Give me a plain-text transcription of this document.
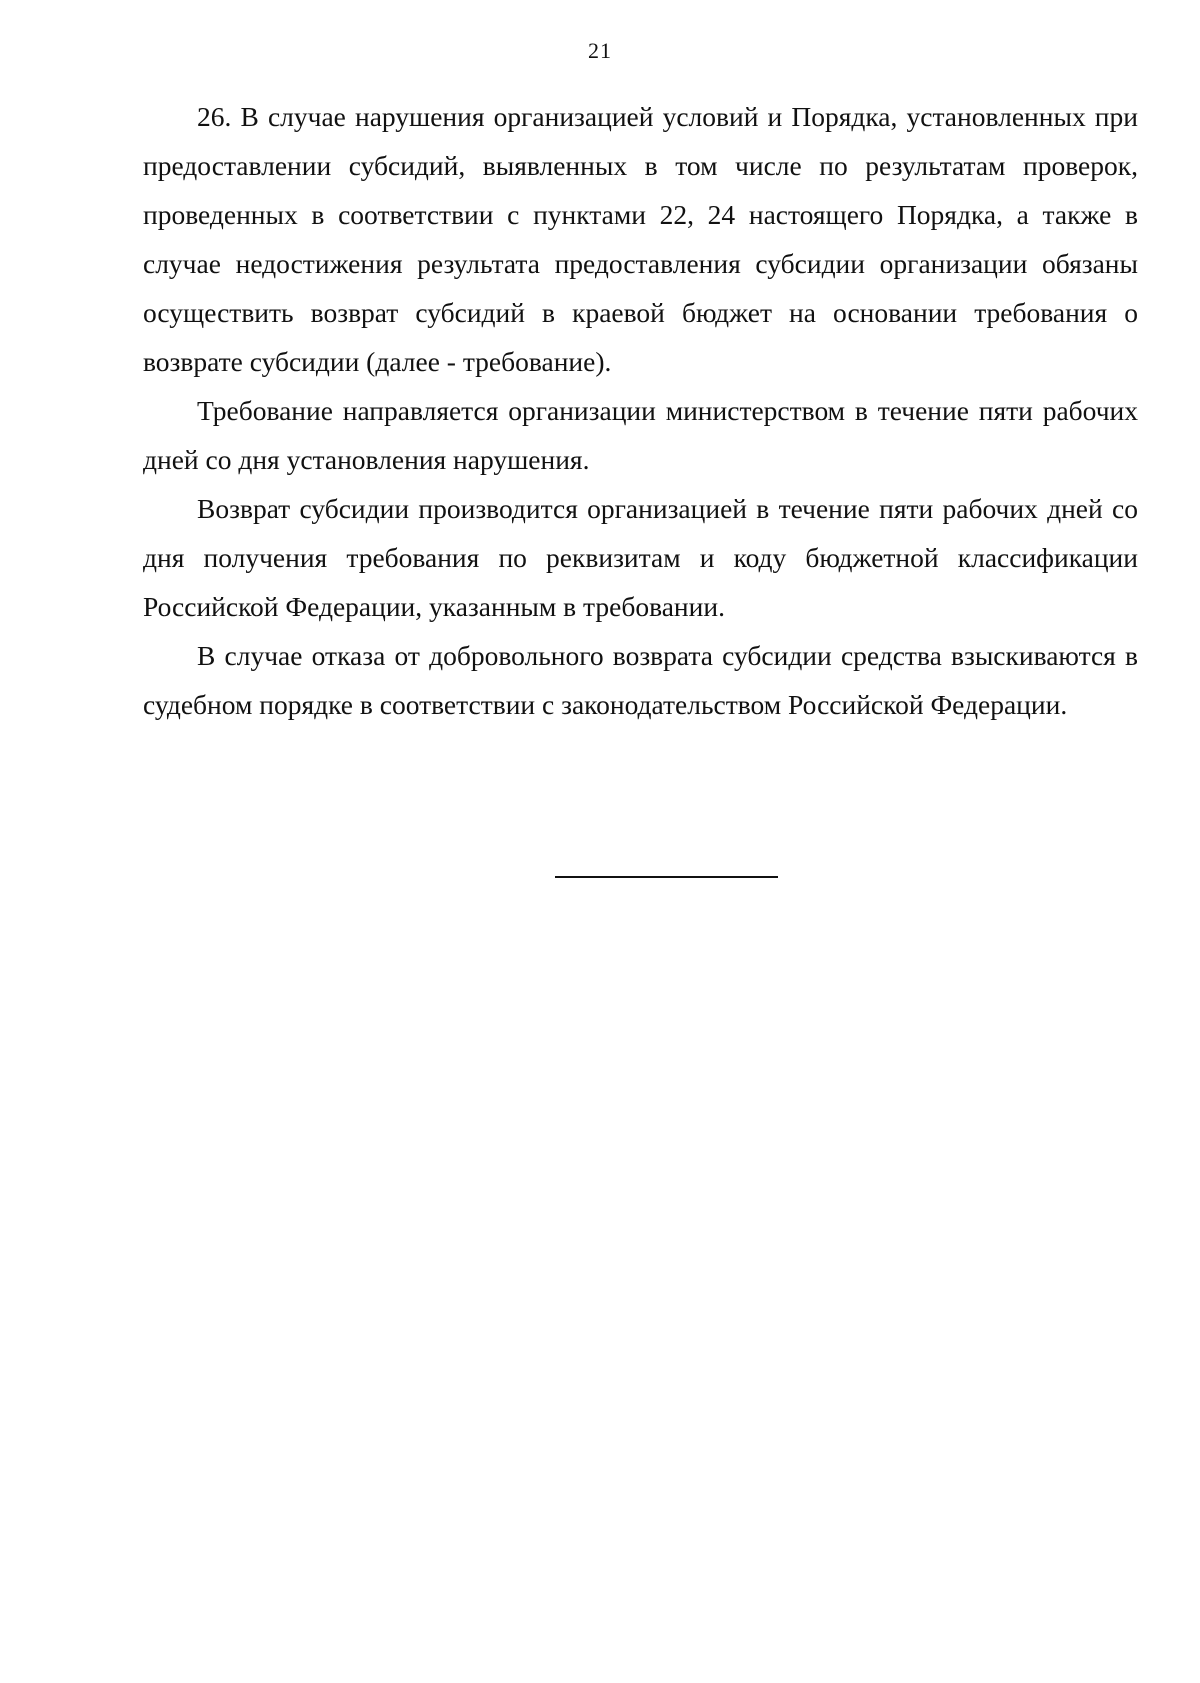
21

26. В случае нарушения организацией условий и Порядка, установленных при предоставлении субсидий, выявленных в том числе по результатам проверок, проведенных в соответствии с пунктами 22, 24 настоящего Порядка, а также в случае недостижения результата предоставления субсидии организации обязаны осуществить возврат субсидий в краевой бюджет на основании требования о возврате субсидии (далее - требование).

Требование направляется организации министерством в течение пяти рабочих дней со дня установления нарушения.

Возврат субсидии производится организацией в течение пяти рабочих дней со дня получения требования по реквизитам и коду бюджетной классификации Российской Федерации, указанным в требовании.

В случае отказа от добровольного возврата субсидии средства взыскиваются в судебном порядке в соответствии с законодательством Российской Федерации.
